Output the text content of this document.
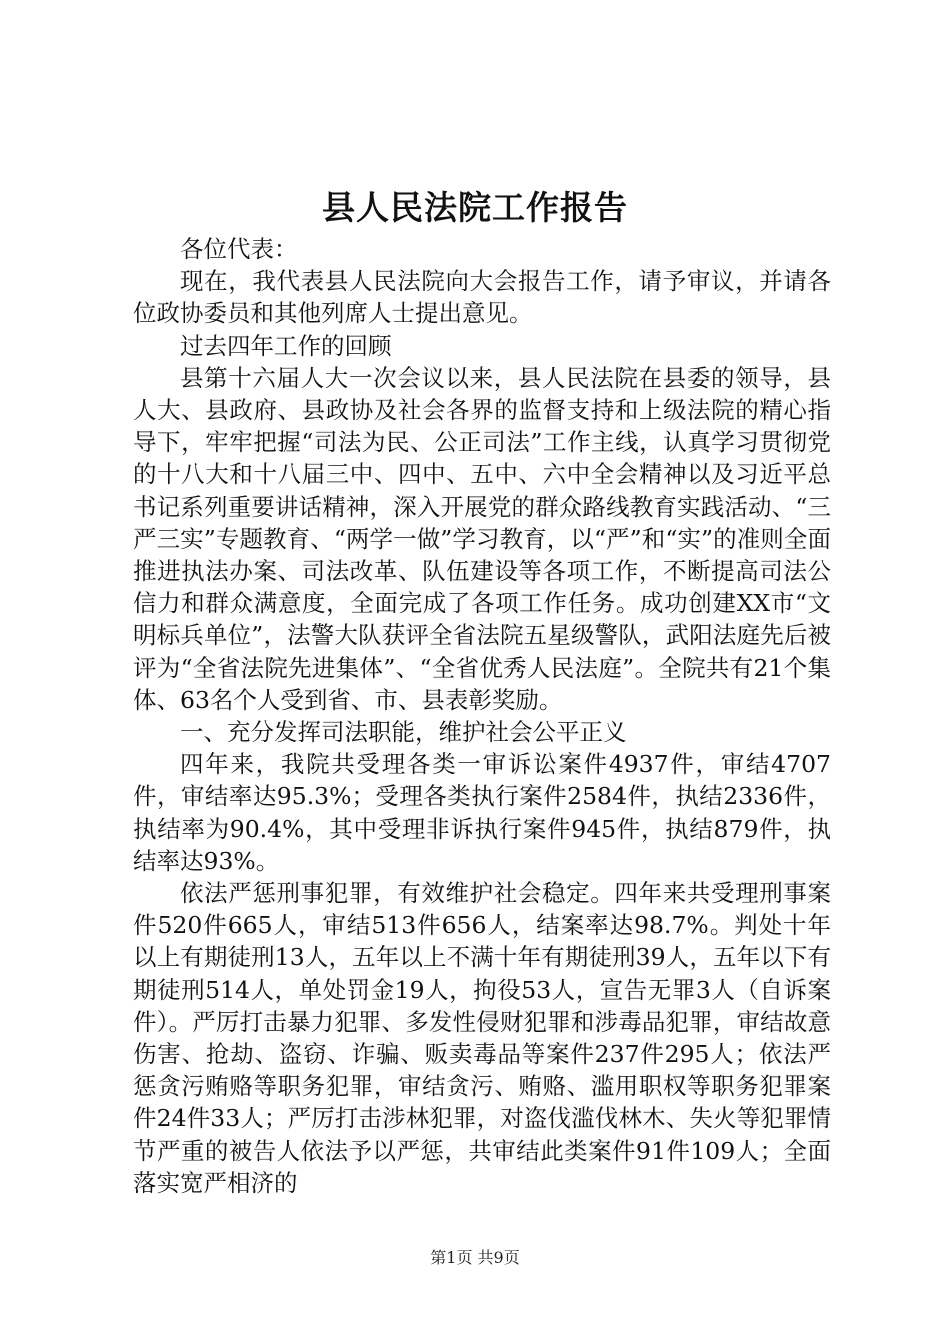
县人民法院工作报告

各位代表：

现在，我代表县人民法院向大会报告工作，请予审议，并请各位政协委员和其他列席人士提出意见。

过去四年工作的回顾

县第十六届人大一次会议以来，县人民法院在县委的领导，县人大、县政府、县政协及社会各界的监督支持和上级法院的精心指导下，牢牢把握“司法为民、公正司法”工作主线，认真学习贯彻党的十八大和十八届三中、四中、五中、六中全会精神以及习近平总书记系列重要讲话精神，深入开展党的群众路线教育实践活动、“三严三实”专题教育、“两学一做”学习教育，以“严”和“实”的准则全面推进执法办案、司法改革、队伍建设等各项工作，不断提高司法公信力和群众满意度，全面完成了各项工作任务。成功创建XX市“文明标兵单位”，法警大队获评全省法院五星级警队，武阳法庭先后被评为“全省法院先进集体”、“全省优秀人民法庭”。全院共有21个集体、63名个人受到省、市、县表彰奖励。

一、充分发挥司法职能，维护社会公平正义

四年来，我院共受理各类一审诉讼案件4937件，审结4707件，审结率达95.3%；受理各类执行案件2584件，执结2336件，执结率为90.4%，其中受理非诉执行案件945件，执结879件，执结率达93%。

依法严惩刑事犯罪，有效维护社会稳定。四年来共受理刑事案件520件665人，审结513件656人，结案率达98.7%。判处十年以上有期徒刑13人，五年以上不满十年有期徒刑39人，五年以下有期徒刑514人，单处罚金19人，拘役53人，宣告无罪3人（自诉案件）。严厉打击暴力犯罪、多发性侵财犯罪和涉毒品犯罪，审结故意伤害、抢劫、盗窃、诈骗、贩卖毒品等案件237件295人；依法严惩贪污贿赂等职务犯罪，审结贪污、贿赂、滥用职权等职务犯罪案件24件33人；严厉打击涉林犯罪，对盗伐滥伐林木、失火等犯罪情节严重的被告人依法予以严惩，共审结此类案件91件109人；全面落实宽严相济的

第1页 共9页
